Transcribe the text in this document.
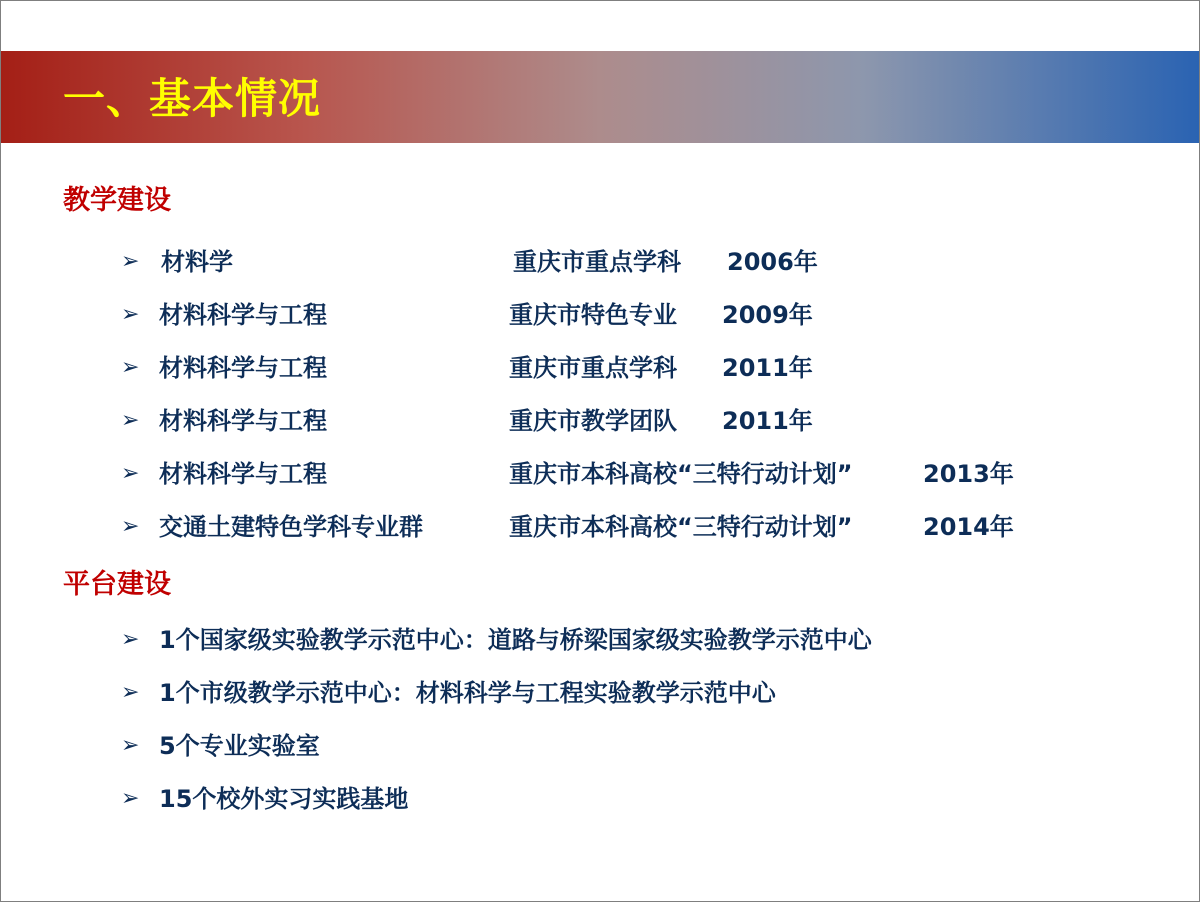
一、基本情况
教学建设
➢ 材料学	重庆市重点学科 2006年
➢ 材料科学与工程	重庆市特色专业 2009年
➢ 材料科学与工程	重庆市重点学科 2011年
➢ 材料科学与工程	重庆市教学团队 2011年
➢ 材料科学与工程	重庆市本科高校“三特行动计划”	2013年
➢ 交通土建特色学科专业群	重庆市本科高校“三特行动计划”	2014年
平台建设
➢ 1个国家级实验教学示范中心：道路与桥梁国家级实验教学示范中心
➢ 1个市级教学示范中心：材料科学与工程实验教学示范中心
➢ 5个专业实验室
➢ 15个校外实习实践基地
